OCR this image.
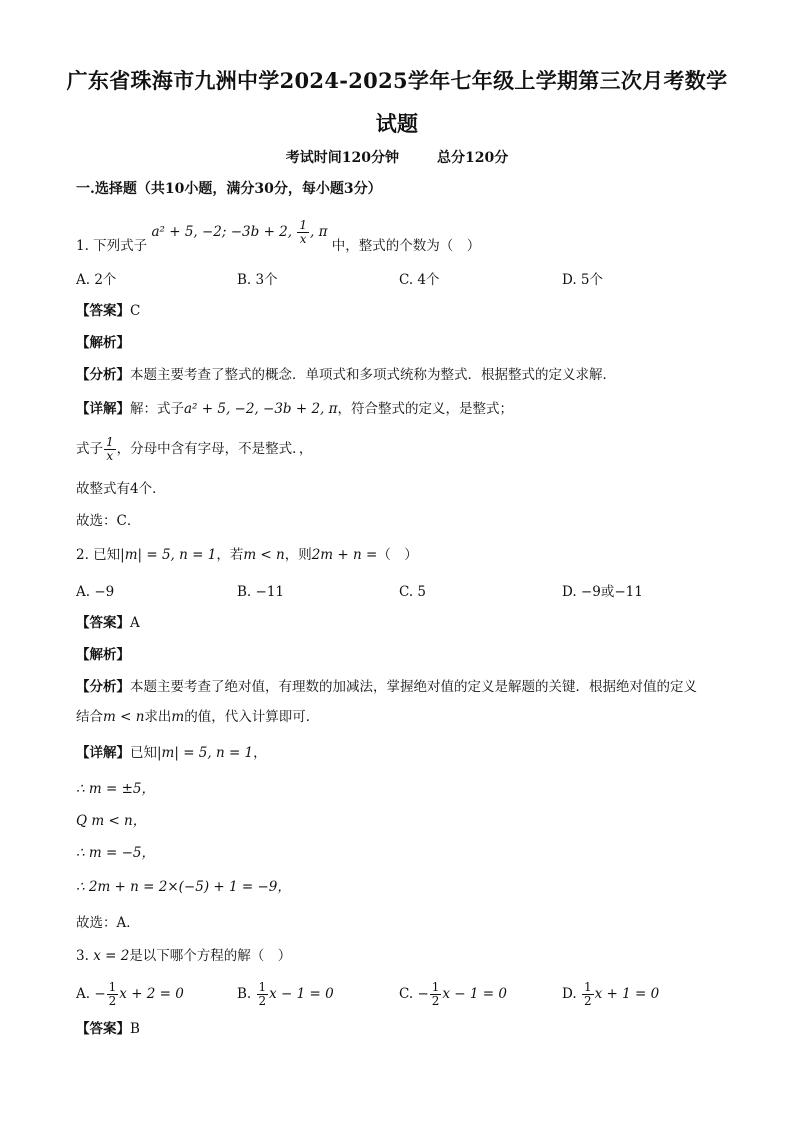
广东省珠海市九洲中学2024-2025学年七年级上学期第三次月考数学
试题
考试时间120分钟	总分120分
一.选择题（共10小题，满分30分，每小题3分）
1. 下列式子 a² + 5, −2; −3b + 2, $\frac{1}{x}$ , π 中，整式的个数为（　）
A. 2个	B. 3个	C. 4个	D. 5个
【答案】C
【解析】
【分析】本题主要考查了整式的概念．单项式和多项式统称为整式．根据整式的定义求解．
【详解】解：式子a² + 5, −2, −3b + 2, π，符合整式的定义，是整式；
式子 $\frac{1}{x}$ ，分母中含有字母，不是整式．，
故整式有4个．
故选：C．
2. 已知|m| = 5, n = 1，若m < n，则2m + n =（　）
A. −9	B. −11	C. 5	D. −9或−11
【答案】A
【解析】
【分析】本题主要考查了绝对值，有理数的加减法，掌握绝对值的定义是解题的关键．根据绝对值的定义
结合m < n求出m的值，代入计算即可．
【详解】已知|m| = 5, n = 1，
∴ m = ±5，
Q m < n，
∴ m = −5，
∴ 2m + n = 2×(−5) + 1 = −9，
故选：A．
3. x = 2是以下哪个方程的解（　）
A. − $\frac{1}{2}$ x + 2 = 0	B. $\frac{1}{2}$ x − 1 = 0	C. − $\frac{1}{2}$ x − 1 = 0	D. $\frac{1}{2}$ x + 1 = 0
【答案】B
